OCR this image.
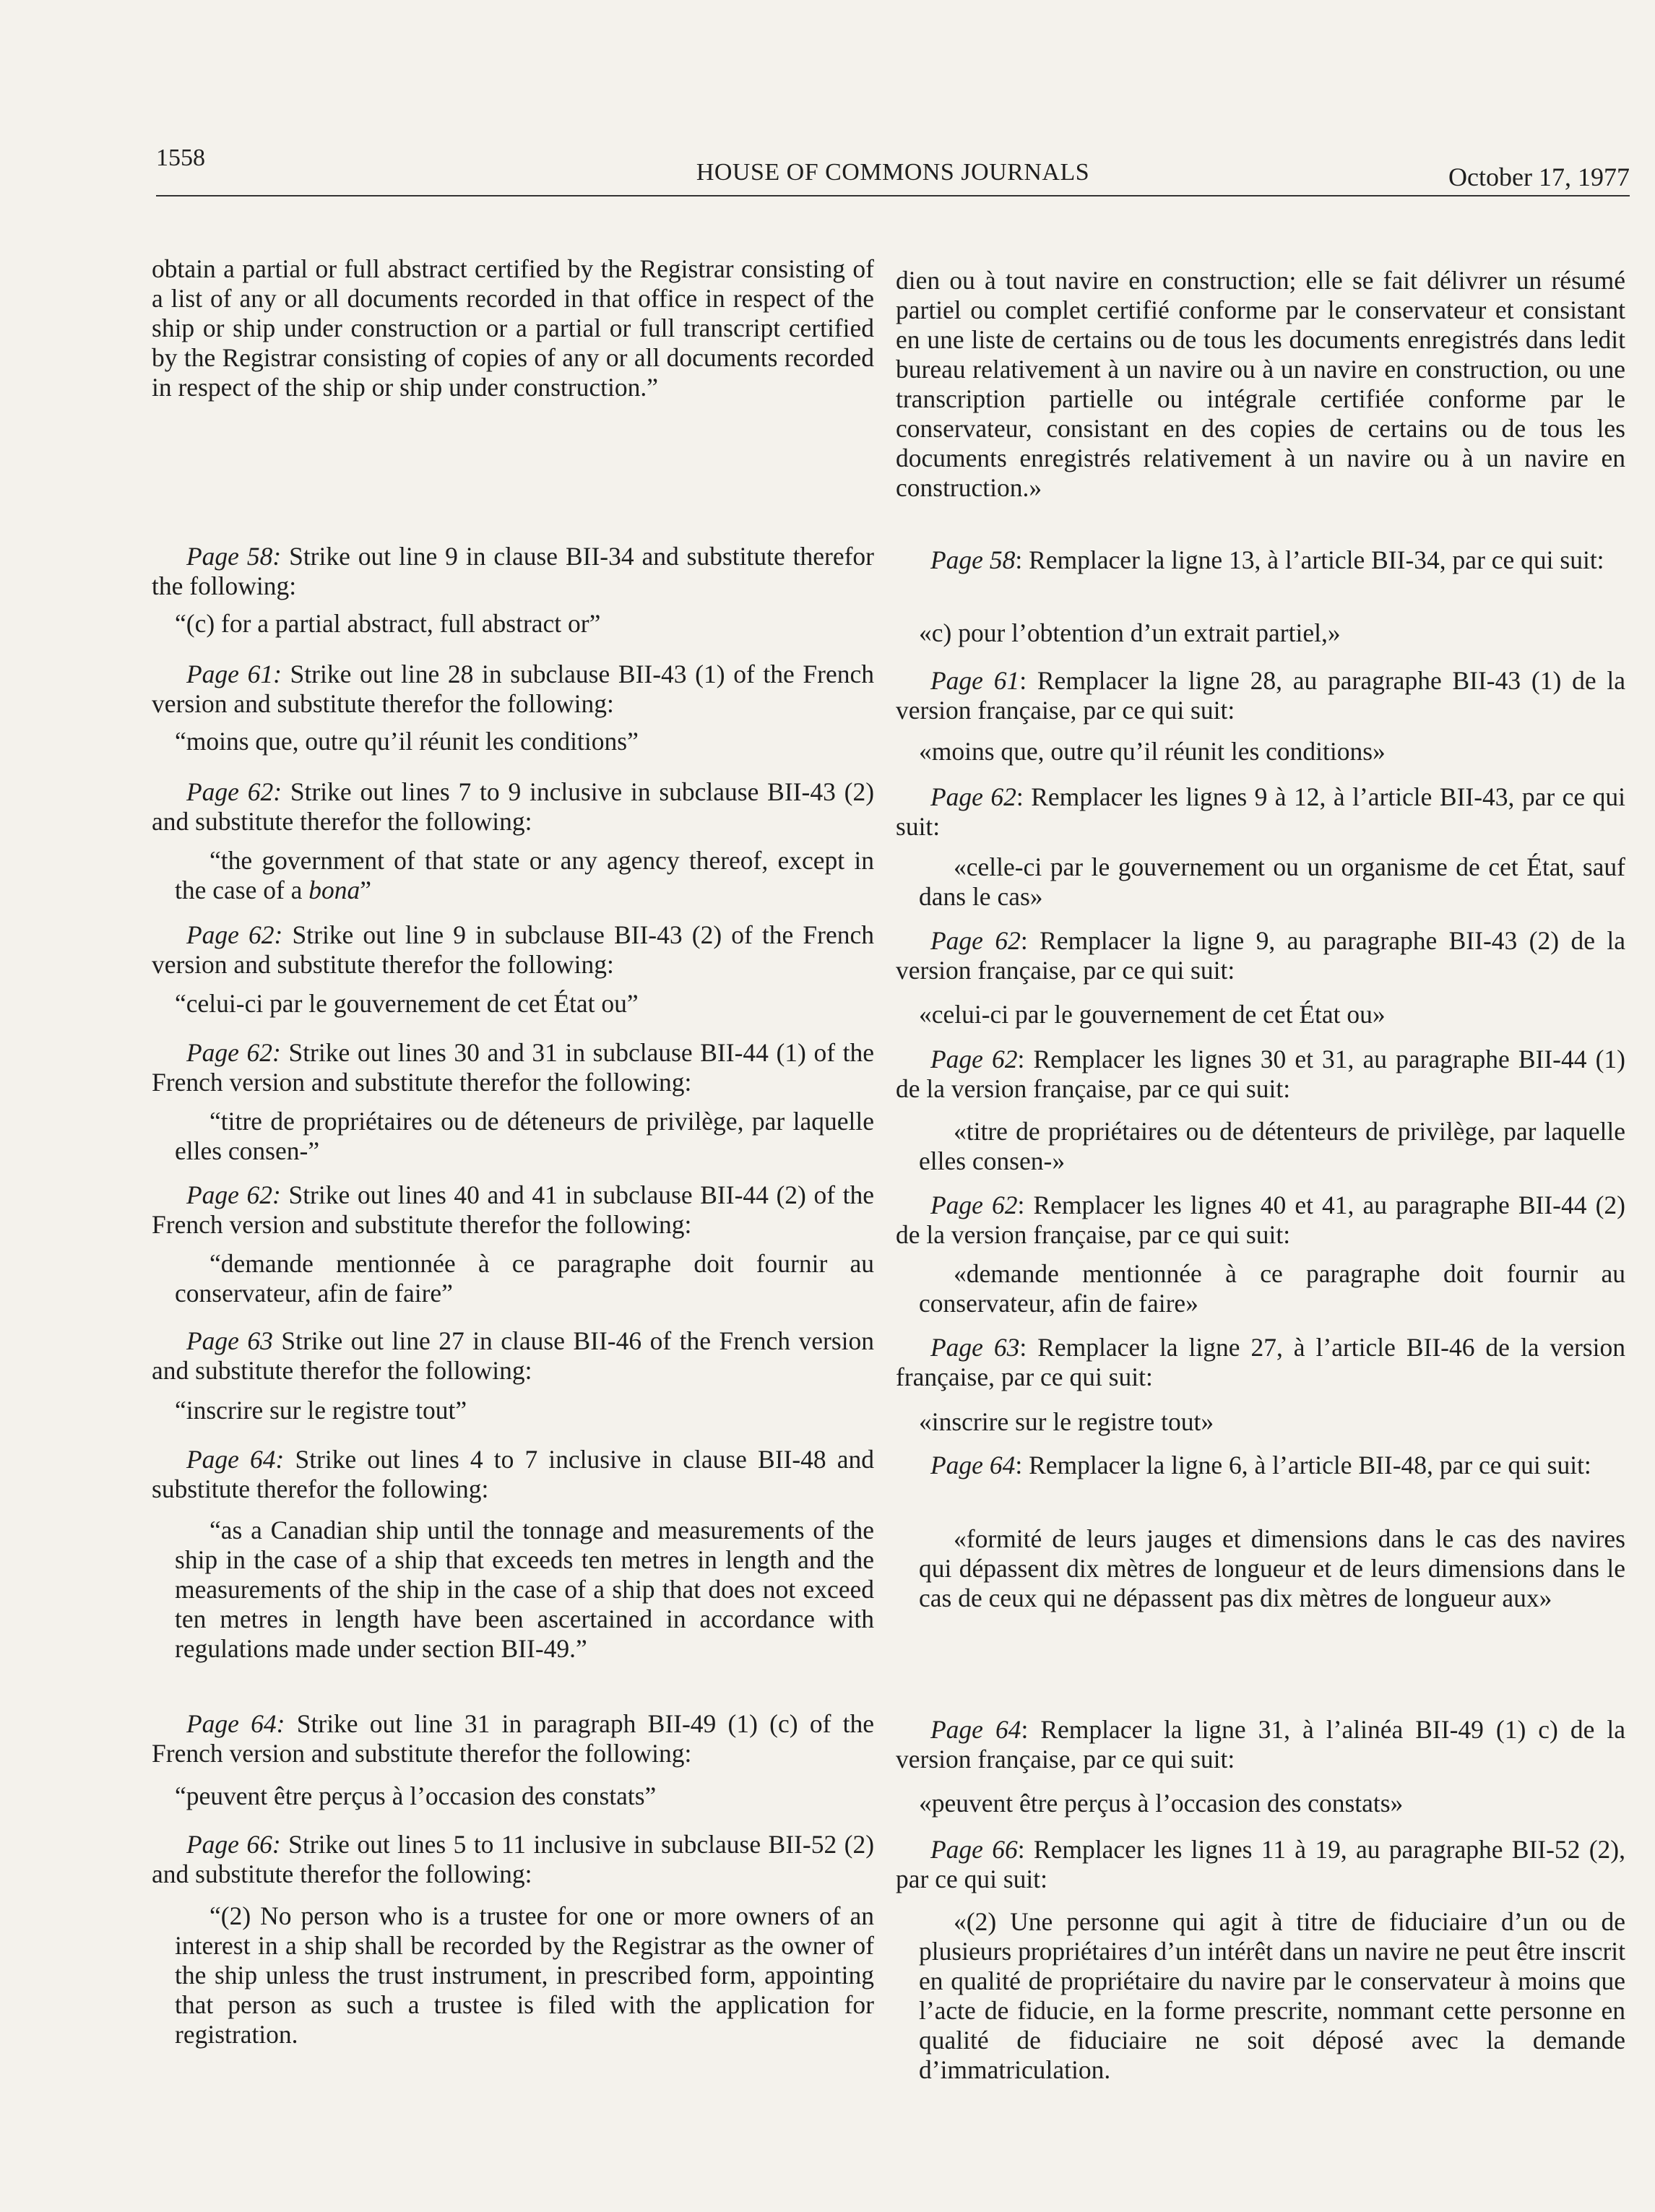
1558
HOUSE OF COMMONS JOURNALS	October 17, 1977
obtain a partial or full abstract certified by the Registrar consisting of a list of any or all documents recorded in that office in respect of the ship or ship under construction or a partial or full transcript certified by the Registrar consisting of copies of any or all documents recorded in respect of the ship or ship under construction.”
Page 58: Strike out line 9 in clause BII-34 and substitute therefor the following:
“(c) for a partial abstract, full abstract or”
Page 61: Strike out line 28 in subclause BII-43 (1) of the French version and substitute therefor the following:
“moins que, outre qu’il réunit les conditions”
Page 62: Strike out lines 7 to 9 inclusive in subclause BII-43 (2) and substitute therefor the following:
“the government of that state or any agency thereof, except in the case of a bona”
Page 62: Strike out line 9 in subclause BII-43 (2) of the French version and substitute therefor the following:
“celui-ci par le gouvernement de cet État ou”
Page 62: Strike out lines 30 and 31 in subclause BII-44 (1) of the French version and substitute therefor the following:
“titre de propriétaires ou de déteneurs de privilège, par laquelle elles consen-”
Page 62: Strike out lines 40 and 41 in subclause BII-44 (2) of the French version and substitute therefor the following:
“demande mentionnée à ce paragraphe doit fournir au conservateur, afin de faire”
Page 63 Strike out line 27 in clause BII-46 of the French version and substitute therefor the following:
“inscrire sur le registre tout”
Page 64: Strike out lines 4 to 7 inclusive in clause BII-48 and substitute therefor the following:
“as a Canadian ship until the tonnage and measurements of the ship in the case of a ship that exceeds ten metres in length and the measurements of the ship in the case of a ship that does not exceed ten metres in length have been ascertained in accordance with regulations made under section BII-49.”
Page 64: Strike out line 31 in paragraph BII-49 (1) (c) of the French version and substitute therefor the following:
“peuvent être perçus à l’occasion des constats”
Page 66: Strike out lines 5 to 11 inclusive in subclause BII-52 (2) and substitute therefor the following:
“(2) No person who is a trustee for one or more owners of an interest in a ship shall be recorded by the Registrar as the owner of the ship unless the trust instrument, in prescribed form, appointing that person as such a trustee is filed with the application for registration.
dien ou à tout navire en construction; elle se fait délivrer un résumé partiel ou complet certifié conforme par le conservateur et consistant en une liste de certains ou de tous les documents enregistrés dans ledit bureau relativement à un navire ou à un navire en construction, ou une transcription partielle ou intégrale certifiée conforme par le conservateur, consistant en des copies de certains ou de tous les documents enregistrés relativement à un navire ou à un navire en construction.»
Page 58: Remplacer la ligne 13, à l’article BII-34, par ce qui suit:
«c) pour l’obtention d’un extrait partiel,»
Page 61: Remplacer la ligne 28, au paragraphe BII-43 (1) de la version française, par ce qui suit:
«moins que, outre qu’il réunit les conditions»
Page 62: Remplacer les lignes 9 à 12, à l’article BII-43, par ce qui suit:
«celle-ci par le gouvernement ou un organisme de cet État, sauf dans le cas»
Page 62: Remplacer la ligne 9, au paragraphe BII-43 (2) de la version française, par ce qui suit:
«celui-ci par le gouvernement de cet État ou»
Page 62: Remplacer les lignes 30 et 31, au paragraphe BII-44 (1) de la version française, par ce qui suit:
«titre de propriétaires ou de détenteurs de privilège, par laquelle elles consen-»
Page 62: Remplacer les lignes 40 et 41, au paragraphe BII-44 (2) de la version française, par ce qui suit:
«demande mentionnée à ce paragraphe doit fournir au conservateur, afin de faire»
Page 63: Remplacer la ligne 27, à l’article BII-46 de la version française, par ce qui suit:
«inscrire sur le registre tout»
Page 64: Remplacer la ligne 6, à l’article BII-48, par ce qui suit:
«formité de leurs jauges et dimensions dans le cas des navires qui dépassent dix mètres de longueur et de leurs dimensions dans le cas de ceux qui ne dépassent pas dix mètres de longueur aux»
Page 64: Remplacer la ligne 31, à l’alinéa BII-49 (1) c) de la version française, par ce qui suit:
«peuvent être perçus à l’occasion des constats»
Page 66: Remplacer les lignes 11 à 19, au paragraphe BII-52 (2), par ce qui suit:
«(2) Une personne qui agit à titre de fiduciaire d’un ou de plusieurs propriétaires d’un intérêt dans un navire ne peut être inscrit en qualité de propriétaire du navire par le conservateur à moins que l’acte de fiducie, en la forme prescrite, nommant cette personne en qualité de fiduciaire ne soit déposé avec la demande d’immatriculation.
